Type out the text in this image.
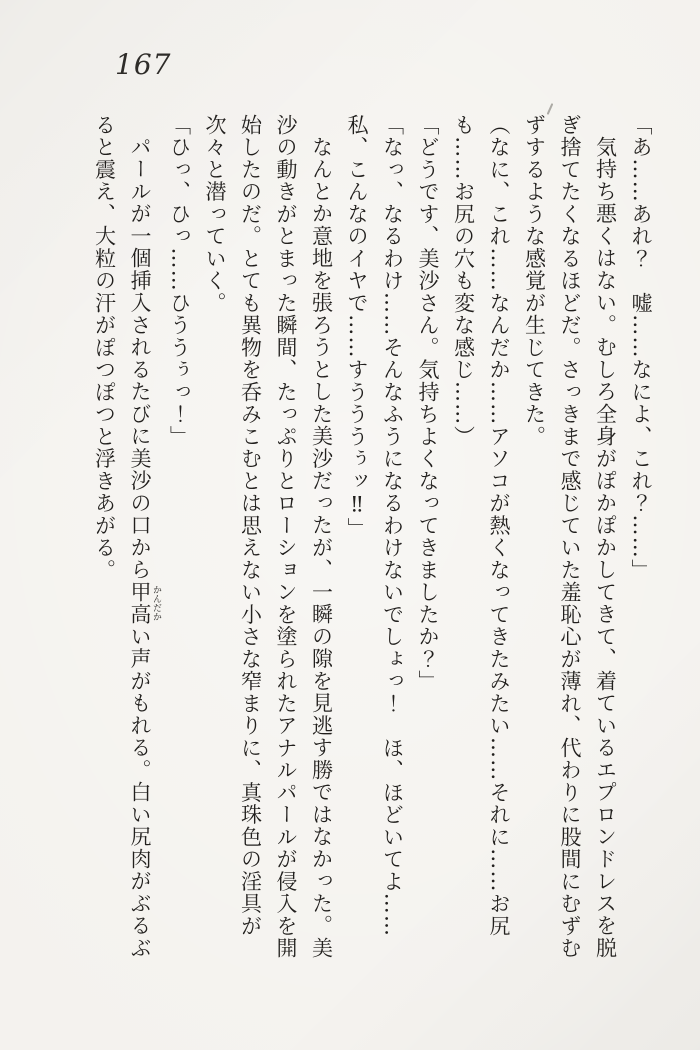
167

「あ……あれ？　嘘……なによ、これ？……」

気持ち悪くはない。むしろ全身がぽかぽかしてきて、着ているエプロンドレスを脱ぎ捨てたくなるほどだ。さっきまで感じていた羞恥心が薄れ、代わりに股間にむずむずするような感覚が生じてきた。

（なに、これ……なんだか……アソコが熱くなってきたみたい……それに……お尻も……お尻の穴も変な感じ……）

「どうです、美沙さん。気持ちよくなってきましたか？」

「なっ、なるわけ……そんなふうになるわけないでしょっ！　ほ、ほどいてよ……私、こんなのイヤで……すうううぅッ‼」

なんとか意地を張ろうとした美沙だったが、一瞬の隙を見逃す勝ではなかった。美沙の動きがとまった瞬間、たっぷりとローションを塗られたアナルパールが侵入を開始したのだ。とても異物を呑みこむとは思えない小さな窄まりに、真珠色の淫具が次々と潜っていく。

「ひっ、ひっ……ひううぅっ！」

パールが一個挿入されるたびに美沙の口から甲高 かんだかい声がもれる。白い尻肉がぶるぶると震え、大粒の汗がぽつぽつと浮きあがる。
